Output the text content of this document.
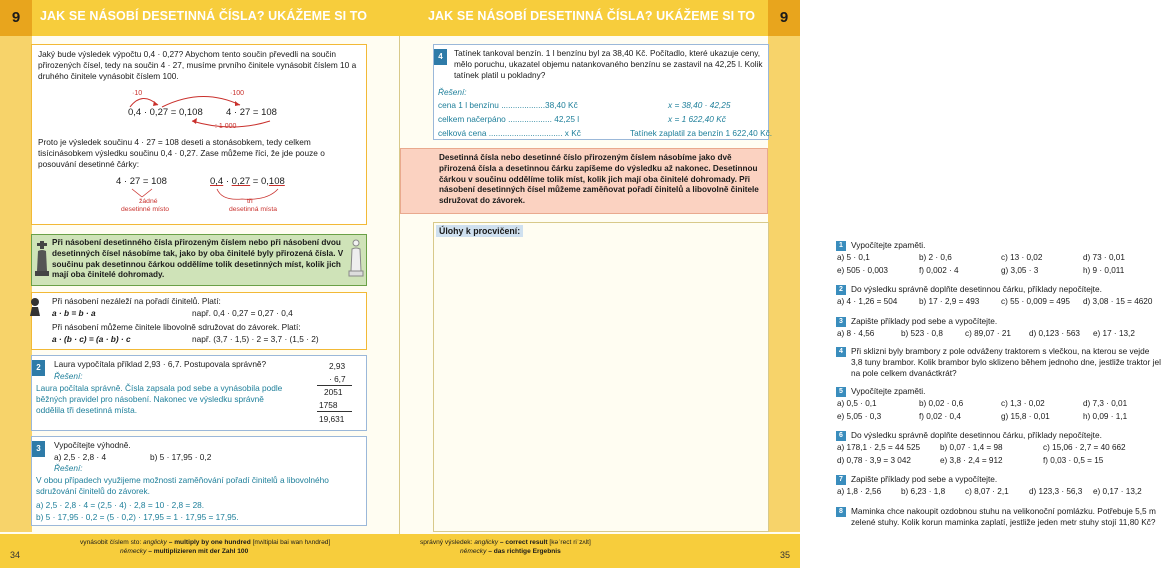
9	JAK SE NÁSOBÍ DESETINNÁ ČÍSLA? UKÁŽEME SI TO
Jaký bude výsledek výpočtu 0,4 · 0,27? Abychom tento součin převedli na součin přirozených čísel, tedy na součin 4 · 27, musíme prvního činitele vynásobit číslem 10 a druhého činitele vynásobit číslem 100.
·10	·100
0,4 · 0,27 = 0,108 4 · 27 = 108
: 1 000
Proto je výsledek součinu 4 · 27 = 108 deseti a stonásobkem, tedy celkem tisícinásobkem výsledku součinu 0,4 · 0,27. Zase můžeme říci, že jde pouze o posouvání desetinné čárky:
4 · 27 = 108	0,4 · 0,27 = 0,108
žádné
desetinné místo
tři
desetinná místa
Při násobení desetinného čísla přirozeným číslem nebo při násobení dvou desetinných čísel násobíme tak, jako by oba činitelé byly přirozená čísla. V součinu pak desetinnou čárkou oddělíme tolik desetinných míst, kolik jich mají oba činitelé dohromady.
Při násobení nezáleží na pořadí činitelů. Platí:
a · b = b · a	např. 0,4 · 0,27 = 0,27 · 0,4
Při násobení můžeme činitele libovolně sdružovat do závorek. Platí:
a · (b · c) = (a · b) · c	např. (3,7 · 1,5) · 2 = 3,7 · (1,5 · 2)
2	Laura vypočítala příklad 2,93 · 6,7. Postupovala správně?
Řešení:
Laura počítala správně. Čísla zapsala pod sebe a vynásobila podle běžných pravidel pro násobení. Nakonec ve výsledku správně oddělila tři desetinná místa.
2,93
· 6,7
2051
1758
19,631
3	Vypočítejte výhodně.
a) 2,5 · 2,8 · 4	b) 5 · 17,95 · 0,2
Řešení:
V obou případech využijeme možnosti zaměňování pořadí činitelů a libovolného sdružování činitelů do závorek.
a) 2,5 · 2,8 · 4 = (2,5 · 4) · 2,8 = 10 · 2,8 = 28.
b) 5 · 17,95 · 0,2 = (5 · 0,2) · 17,95 = 1 · 17,95 = 17,95.
34
vynásobit číslem sto: anglicky – multiply by one hundred [mʌltiplai bai wan hʌndrəd]
německy – multiplizieren mit der Zahl 100
JAK SE NÁSOBÍ DESETINNÁ ČÍSLA? UKÁŽEME SI TO	9
4	Tatínek tankoval benzín. 1 l benzínu byl za 38,40 Kč. Počítadlo, které ukazuje ceny, mělo poruchu, ukazatel objemu natankovaného benzínu se zastavil na 42,25 l. Kolik tatínek platil u pokladny?
Řešení:
cena 1 l benzínu ...................38,40 Kč	x = 38,40 · 42,25
celkem načerpáno ................... 42,25 l	x = 1 622,40 Kč
celková cena ................................ x Kč	Tatínek zaplatil za benzín 1 622,40 Kč.
Desetinná čísla nebo desetinné číslo přirozeným číslem násobíme jako dvě přirozená čísla a desetinnou čárku zapíšeme do výsledku až nakonec. Desetinnou čárkou v součinu oddělíme tolik míst, kolik jich mají oba činitelé dohromady. Při násobení desetinných čísel můžeme zaměňovat pořadí činitelů a libovolně činitele sdružovat do závorek.
Úlohy k procvičení:
1 Vypočítejte zpaměti.
a) 5 · 0,1	b) 2 · 0,6	c) 13 · 0,02	d) 73 · 0,01
e) 505 · 0,003	f) 0,002 · 4	g) 3,05 · 3	h) 9 · 0,011
2 Do výsledku správně doplňte desetinnou čárku, příklady nepočítejte.
a) 4 · 1,26 = 504	b) 17 · 2,9 = 493	c) 55 · 0,009 = 495 d) 3,08 · 15 = 4620
3 Zapište příklady pod sebe a vypočítejte.
a) 8 · 4,56	b) 523 · 0,8	c) 89,07 · 21 d) 0,123 · 563 e) 17 · 13,2
4 Při sklizni byly brambory z pole odváženy traktorem s vlečkou, na kterou se vejde 3,8 tuny brambor. Kolik brambor bylo sklizeno během jednoho dne, jestliže traktor jel na pole celkem dvanáctkrát?
5 Vypočítejte zpaměti.
a) 0,5 · 0,1	b) 0,02 · 0,6	c) 1,3 · 0,02	d) 7,3 · 0,01
e) 5,05 · 0,3	f) 0,02 · 0,4	g) 15,8 · 0,01	h) 0,09 · 1,1
6 Do výsledku správně doplňte desetinnou čárku, příklady nepočítejte.
a) 178,1 · 2,5 = 44 525 b) 0,07 · 1,4 = 98	c) 15,06 · 2,7 = 40 662
d) 0,78 · 3,9 = 3 042	e) 3,8 · 2,4 = 912	f) 0,03 · 0,5 = 15
7 Zapište příklady pod sebe a vypočítejte.
a) 1,8 · 2,56 b) 6,23 · 1,8 c) 8,07 · 2,1 d) 123,3 · 56,3 e) 0,17 · 13,2
8 Maminka chce nakoupit ozdobnou stuhu na velikonoční pomlázku. Potřebuje 5,5 m zelené stuhy. Kolik korun maminka zaplatí, jestliže jeden metr stuhy stojí 11,80 Kč?
správný výsledek: anglicky – correct result [kəˈrect riˈzʌlt]
německy – das richtige Ergebnis	35
